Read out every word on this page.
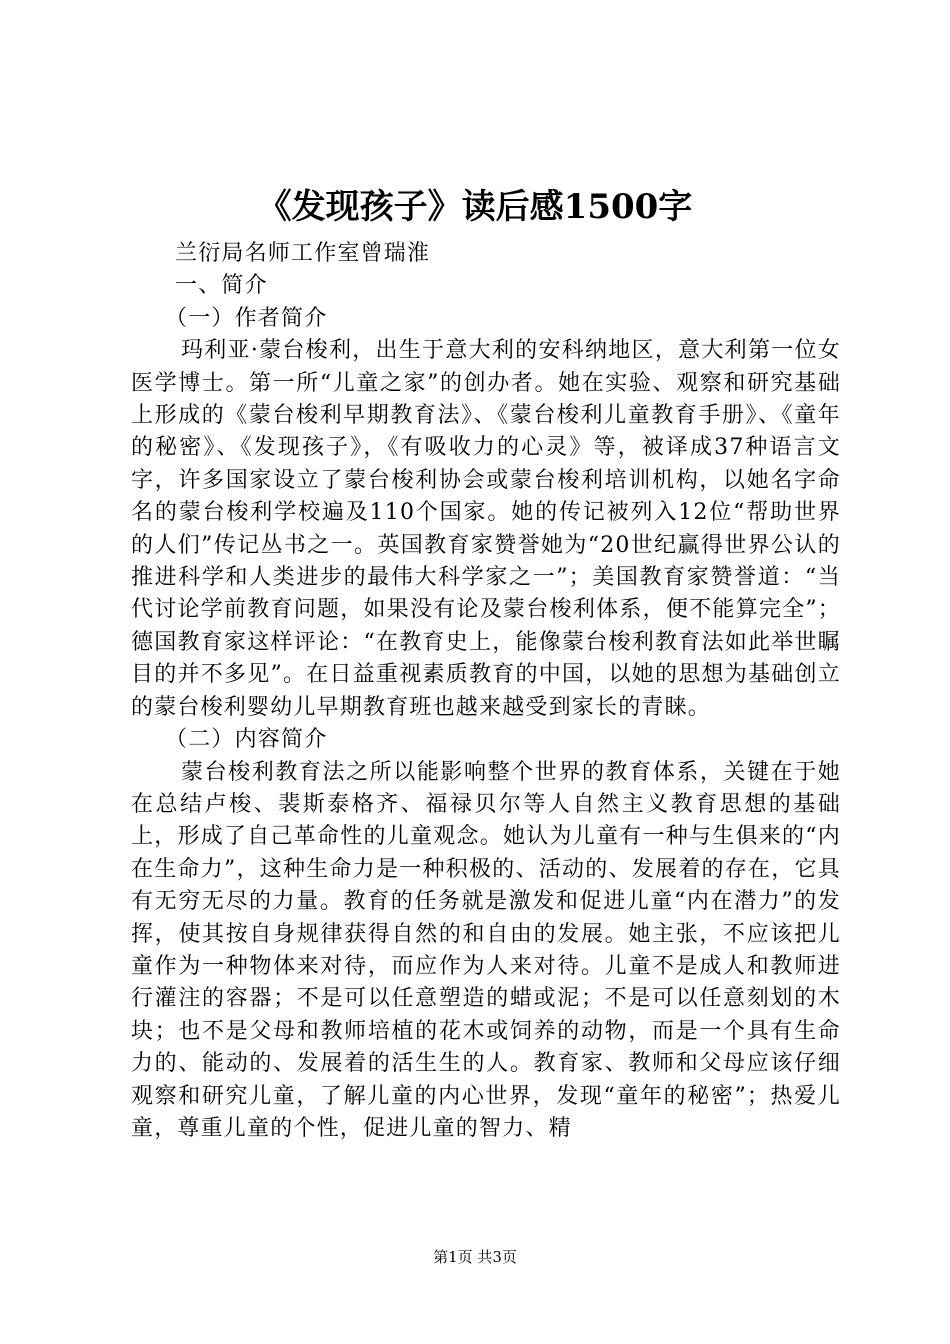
《发现孩子》读后感1500字

兰衍局名师工作室曾瑞淮

一、简介

（一）作者简介

玛利亚·蒙台梭利，出生于意大利的安科纳地区，意大利第一位女医学博士。第一所“儿童之家”的创办者。她在实验、观察和研究基础上形成的《蒙台梭利早期教育法》、《蒙台梭利儿童教育手册》、《童年的秘密》、《发现孩子》，《有吸收力的心灵》等，被译成37种语言文字，许多国家设立了蒙台梭利协会或蒙台梭利培训机构，以她名字命名的蒙台梭利学校遍及110个国家。她的传记被列入12位“帮助世界的人们”传记丛书之一。英国教育家赞誉她为“20世纪赢得世界公认的推进科学和人类进步的最伟大科学家之一”；美国教育家赞誉道：“当代讨论学前教育问题，如果没有论及蒙台梭利体系，便不能算完全”；德国教育家这样评论：“在教育史上，能像蒙台梭利教育法如此举世瞩目的并不多见”。在日益重视素质教育的中国，以她的思想为基础创立的蒙台梭利婴幼儿早期教育班也越来越受到家长的青睐。

（二）内容简介

蒙台梭利教育法之所以能影响整个世界的教育体系，关键在于她在总结卢梭、裴斯泰格齐、福禄贝尔等人自然主义教育思想的基础上，形成了自己革命性的儿童观念。她认为儿童有一种与生俱来的“内在生命力”，这种生命力是一种积极的、活动的、发展着的存在，它具有无穷无尽的力量。教育的任务就是激发和促进儿童“内在潜力”的发挥，使其按自身规律获得自然的和自由的发展。她主张，不应该把儿童作为一种物体来对待，而应作为人来对待。儿童不是成人和教师进行灌注的容器；不是可以任意塑造的蜡或泥；不是可以任意刻划的木块；也不是父母和教师培植的花木或饲养的动物，而是一个具有生命力的、能动的、发展着的活生生的人。教育家、教师和父母应该仔细观察和研究儿童，了解儿童的内心世界，发现“童年的秘密”；热爱儿童，尊重儿童的个性，促进儿童的智力、精

第1页 共3页
